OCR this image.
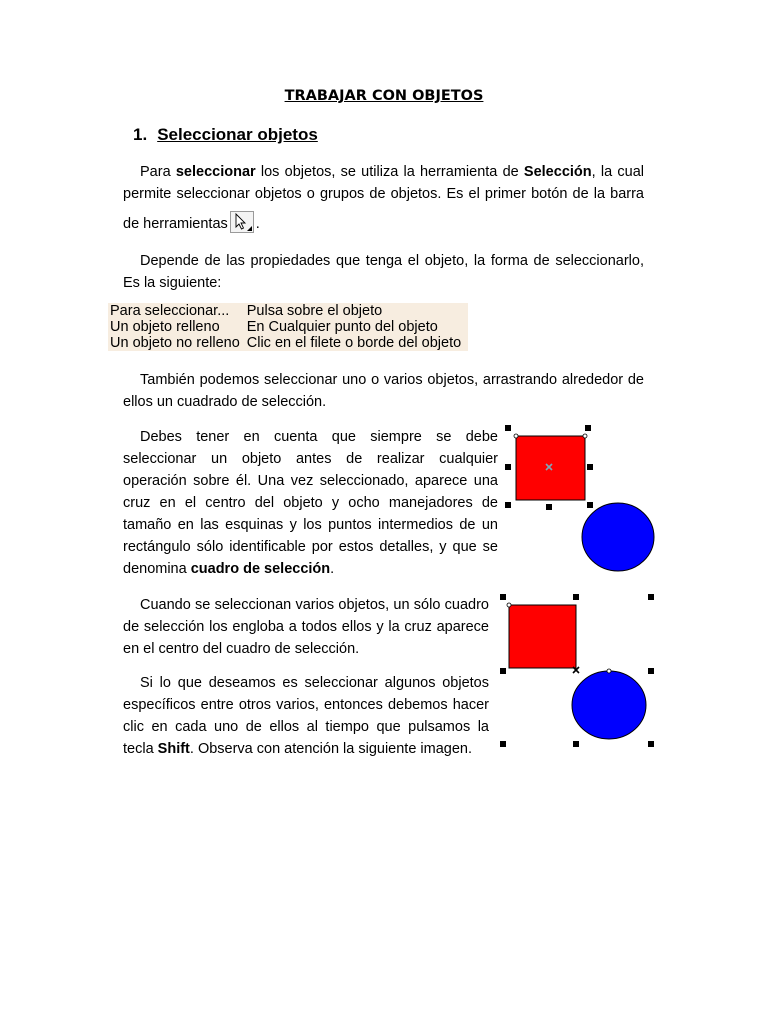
TRABAJAR CON OBJETOS
1. Seleccionar objetos
Para seleccionar los objetos, se utiliza la herramienta de Selección, la cual
permite seleccionar objetos o grupos de objetos. Es el primer botón de la barra
de herramientas .
Depende de las propiedades que tenga el objeto, la forma de seleccionarlo,
Es la siguiente:
Para seleccionar...	Pulsa sobre el objeto
Un objeto relleno	En Cualquier punto del objeto
Un objeto no relleno	Clic en el filete o borde del objeto
También podemos seleccionar uno o varios objetos, arrastrando alrededor de
ellos un cuadrado de selección.
Debes tener en cuenta que siempre se debe
seleccionar un objeto antes de realizar cualquier
operación sobre él. Una vez seleccionado, aparece una
cruz en el centro del objeto y ocho manejadores de
tamaño en las esquinas y los puntos intermedios de un
rectángulo sólo identificable por estos detalles, y que se
denomina cuadro de selección.
Cuando se seleccionan varios objetos, un sólo cuadro
de selección los engloba a todos ellos y la cruz aparece
en el centro del cuadro de selección.
Si lo que deseamos es seleccionar algunos objetos
específicos entre otros varios, entonces debemos hacer
clic en cada uno de ellos al tiempo que pulsamos la
tecla Shift. Observa con atención la siguiente imagen.
